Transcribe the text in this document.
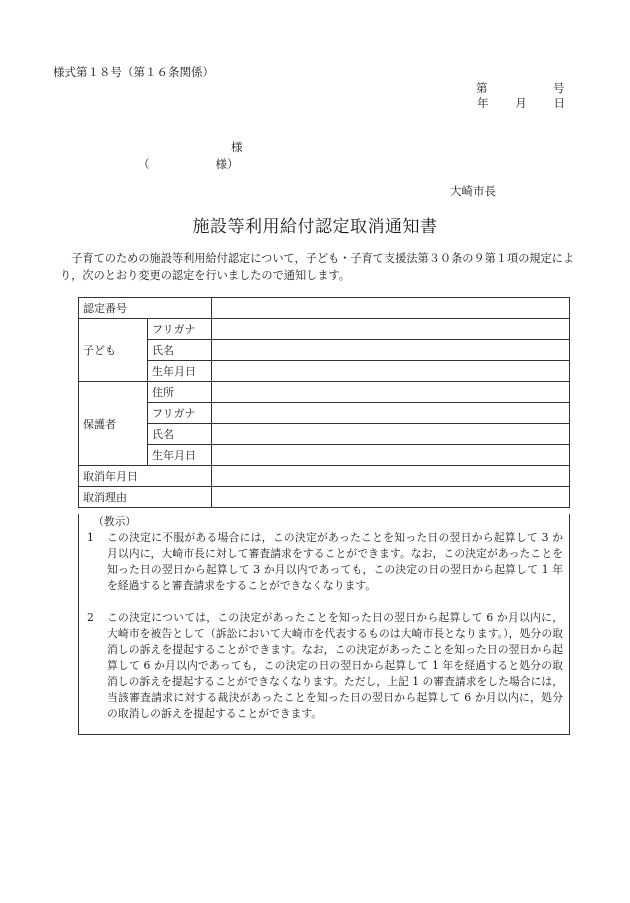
様式第１８号（第１６条関係）
第	号
年 月 日
様
（	様）
大崎市長
施設等利用給付認定取消通知書
子育てのための施設等利用給付認定について，子ども・子育て支援法第３０条の９第１項の規定により，次のとおり変更の認定を行いましたので通知します。
認定番号		
子ども	フリガナ	
	氏名	
	生年月日	
保護者	住所	
	フリガナ	
	氏名	
	生年月日	
取消年月日		
取消理由		
（教示）
1	この決定に不服がある場合には，この決定があったことを知った日の翌日から起算して 3 か月以内に，大崎市長に対して審査請求をすることができます。なお，この決定があったことを知った日の翌日から起算して 3 か月以内であっても，この決定の日の翌日から起算して 1 年を経過すると審査請求をすることができなくなります。
2	この決定については，この決定があったことを知った日の翌日から起算して 6 か月以内に，大崎市を被告として（訴訟において大崎市を代表するものは大崎市長となります。），処分の取消しの訴えを提起することができます。なお，この決定があったことを知った日の翌日から起算して 6 か月以内であっても，この決定の日の翌日から起算して 1 年を経過すると処分の取消しの訴えを提起することができなくなります。ただし，上記 1 の審査請求をした場合には，当該審査請求に対する裁決があったことを知った日の翌日から起算して 6 か月以内に，処分の取消しの訴えを提起することができます。
